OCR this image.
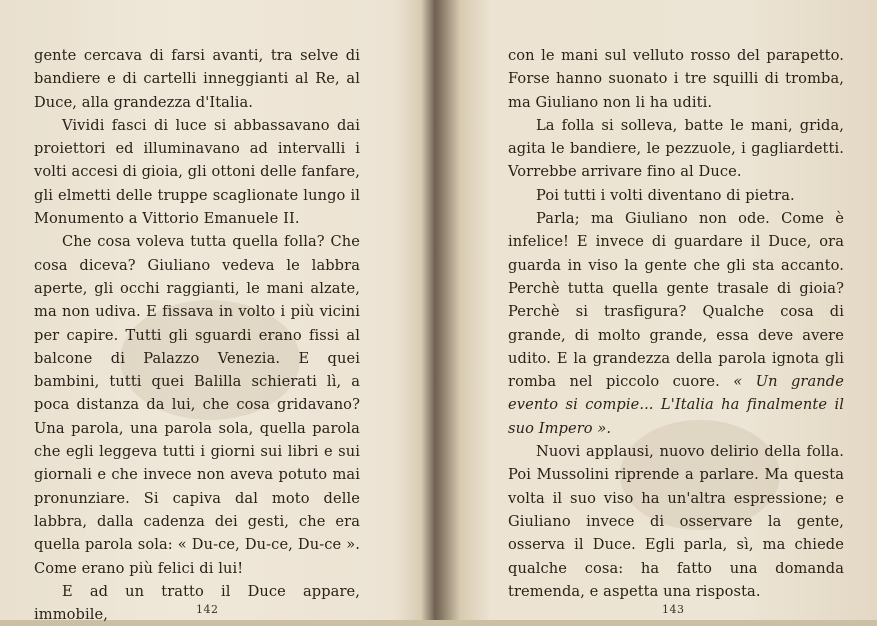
gente cercava di farsi avanti, tra selve di bandiere e di cartelli inneggianti al Re, al Duce, alla grandezza d'Italia.

Vividi fasci di luce si abbassavano dai proiettori ed illuminavano ad intervalli i volti accesi di gioia, gli ottoni delle fanfare, gli elmetti delle truppe scaglionate lungo il Monumento a Vittorio Emanuele II.

Che cosa voleva tutta quella folla? Che cosa diceva? Giuliano vedeva le labbra aperte, gli occhi raggianti, le mani alzate, ma non udiva. E fissava in volto i più vicini per capire. Tutti gli sguardi erano fissi al balcone di Palazzo Venezia. E quei bambini, tutti quei Balilla schierati lì, a poca distanza da lui, che cosa gridavano? Una parola, una parola sola, quella parola che egli leggeva tutti i giorni sui libri e sui giornali e che invece non aveva potuto mai pronunziare. Si capiva dal moto delle labbra, dalla cadenza dei gesti, che era quella parola sola: « Du-ce, Du-ce, Du-ce ». Come erano più felici di lui!

E ad un tratto il Duce appare, immobile,	142

con le mani sul velluto rosso del parapetto. Forse hanno suonato i tre squilli di tromba, ma Giuliano non li ha uditi.

La folla si solleva, batte le mani, grida, agita le bandiere, le pezzuole, i gagliardetti. Vorrebbe arrivare fino al Duce.

Poi tutti i volti diventano di pietra.

Parla; ma Giuliano non ode. Come è infelice! E invece di guardare il Duce, ora guarda in viso la gente che gli sta accanto. Perchè tutta quella gente trasale di gioia? Perchè si trasfigura? Qualche cosa di grande, di molto grande, essa deve avere udito. E la grandezza della parola ignota gli romba nel piccolo cuore. « Un grande evento si compie... L'Italia ha finalmente il suo Impero ».

Nuovi applausi, nuovo delirio della folla. Poi Mussolini riprende a parlare. Ma questa volta il suo viso ha un'altra espressione; e Giuliano invece di osservare la gente, osserva il Duce. Egli parla, sì, ma chiede qualche cosa: ha fatto una domanda tremenda, e aspetta una risposta.

143
